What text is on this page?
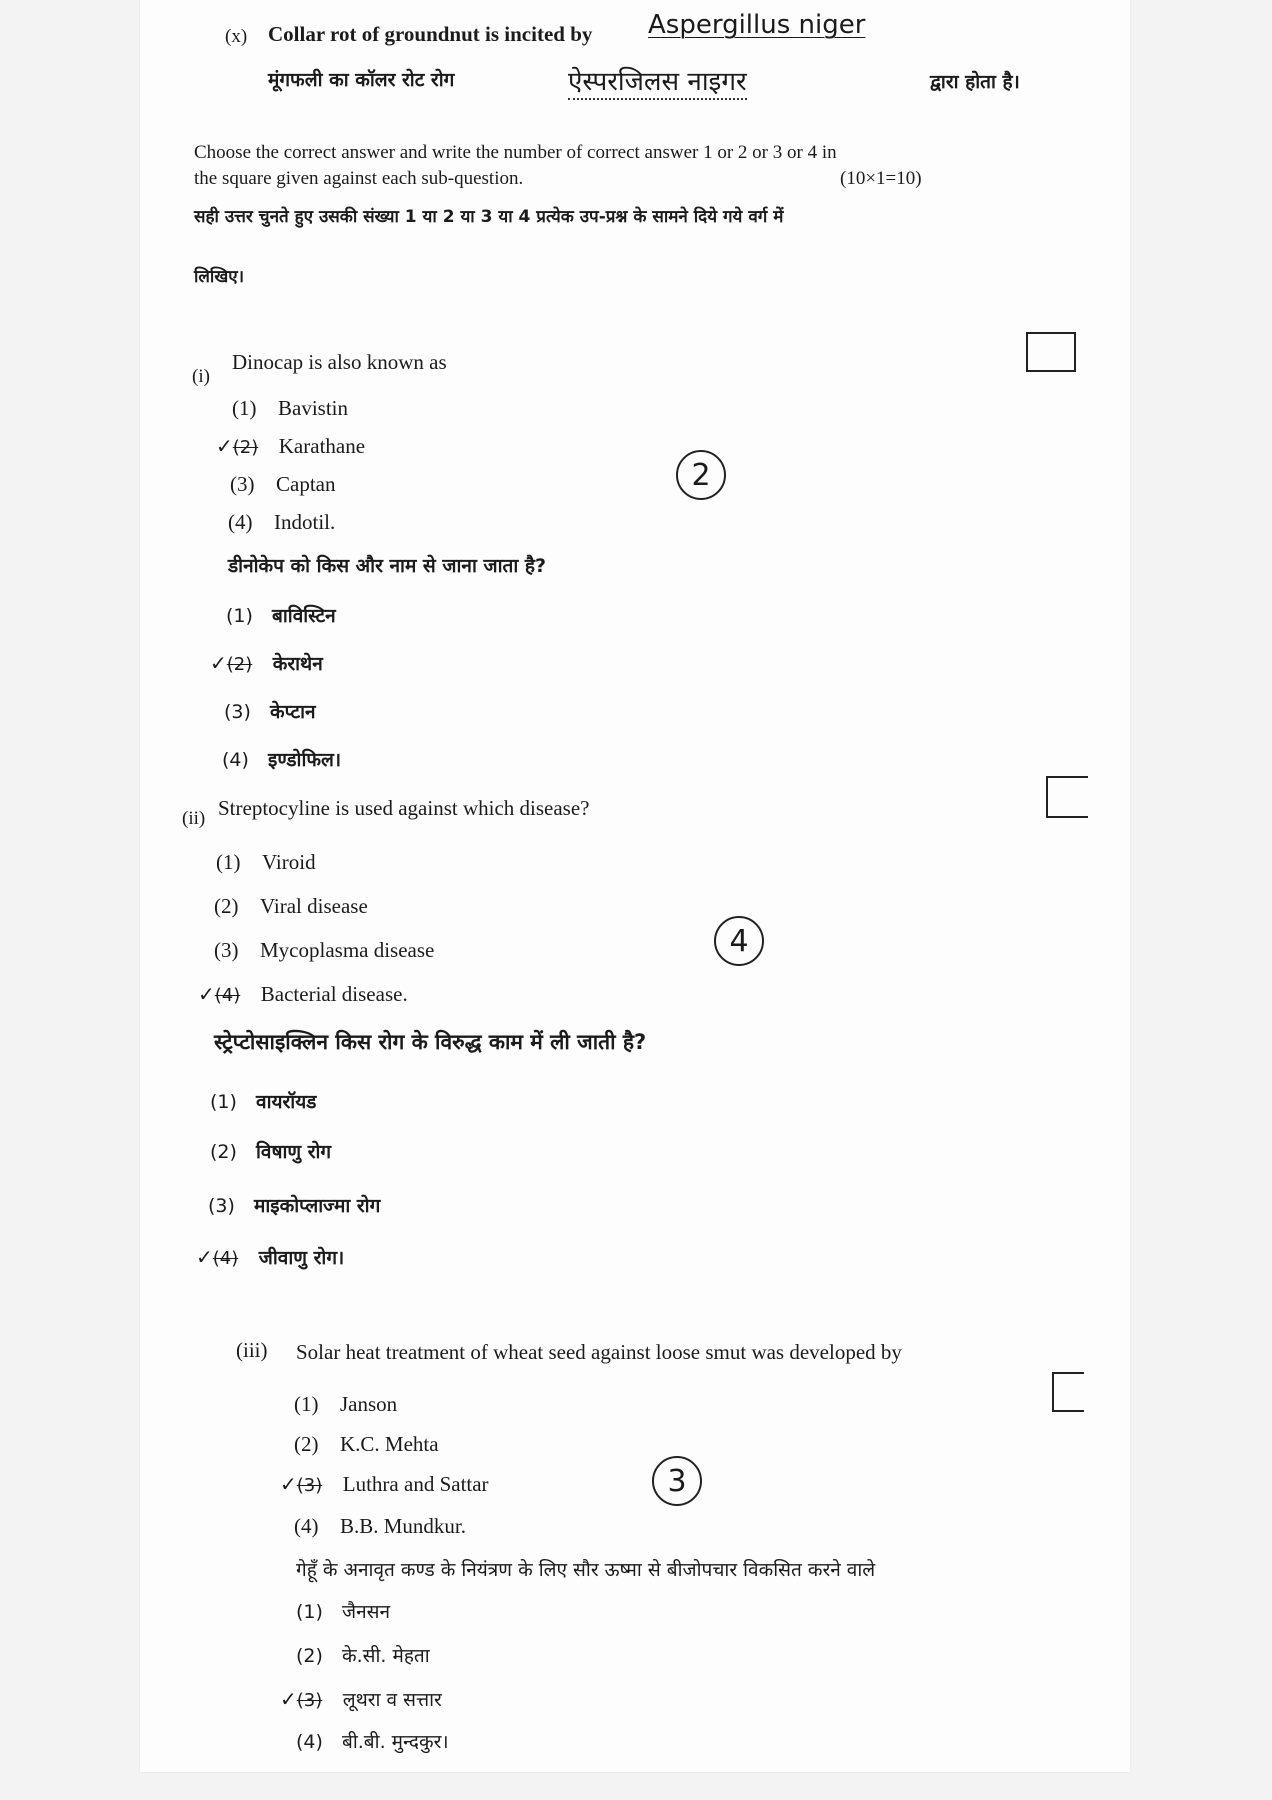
(x) Collar rot of groundnut is incited by Aspergillus niger
मूंगफली का कॉलर रोट रोग	ऐस्परजिलस नाइगर	द्वारा होता है।
Choose the correct answer and write the number of correct answer 1 or 2 or 3 or 4 in
the square given against each sub-question.	(10×1=10)
सही उत्तर चुनते हुए उसकी संख्या 1 या 2 या 3 या 4 प्रत्येक उप-प्रश्न के सामने दिये गये वर्ग में
लिखिए।
(i)
Dinocap is also known as
(1) Bavistin
✓(2) Karathane
(3) Captan
(4) Indotil.
2
डीनोकेप को किस और नाम से जाना जाता है?
(1) बाविस्टिन
✓(2) केराथेन
(3) केप्टान
(4) इण्डोफिल।
(ii) Streptocyline is used against which disease?
(1) Viroid
(2) Viral disease
(3) Mycoplasma disease
✓(4) Bacterial disease.
4
स्ट्रेप्टोसाइक्लिन किस रोग के विरुद्ध काम में ली जाती है?
(1) वायरॉयड
(2) विषाणु रोग
(3) माइकोप्लाज्मा रोग
✓(4) जीवाणु रोग।
(iii) Solar heat treatment of wheat seed against loose smut was developed by
(1) Janson
(2) K.C. Mehta
✓(3) Luthra and Sattar
(4) B.B. Mundkur.
3
गेहूँ के अनावृत कण्ड के नियंत्रण के लिए सौर ऊष्मा से बीजोपचार विकसित करने वाले
(1) जैनसन
(2) के.सी. मेहता
✓(3) लूथरा व सत्तार
(4) बी.बी. मुन्दकुर।
